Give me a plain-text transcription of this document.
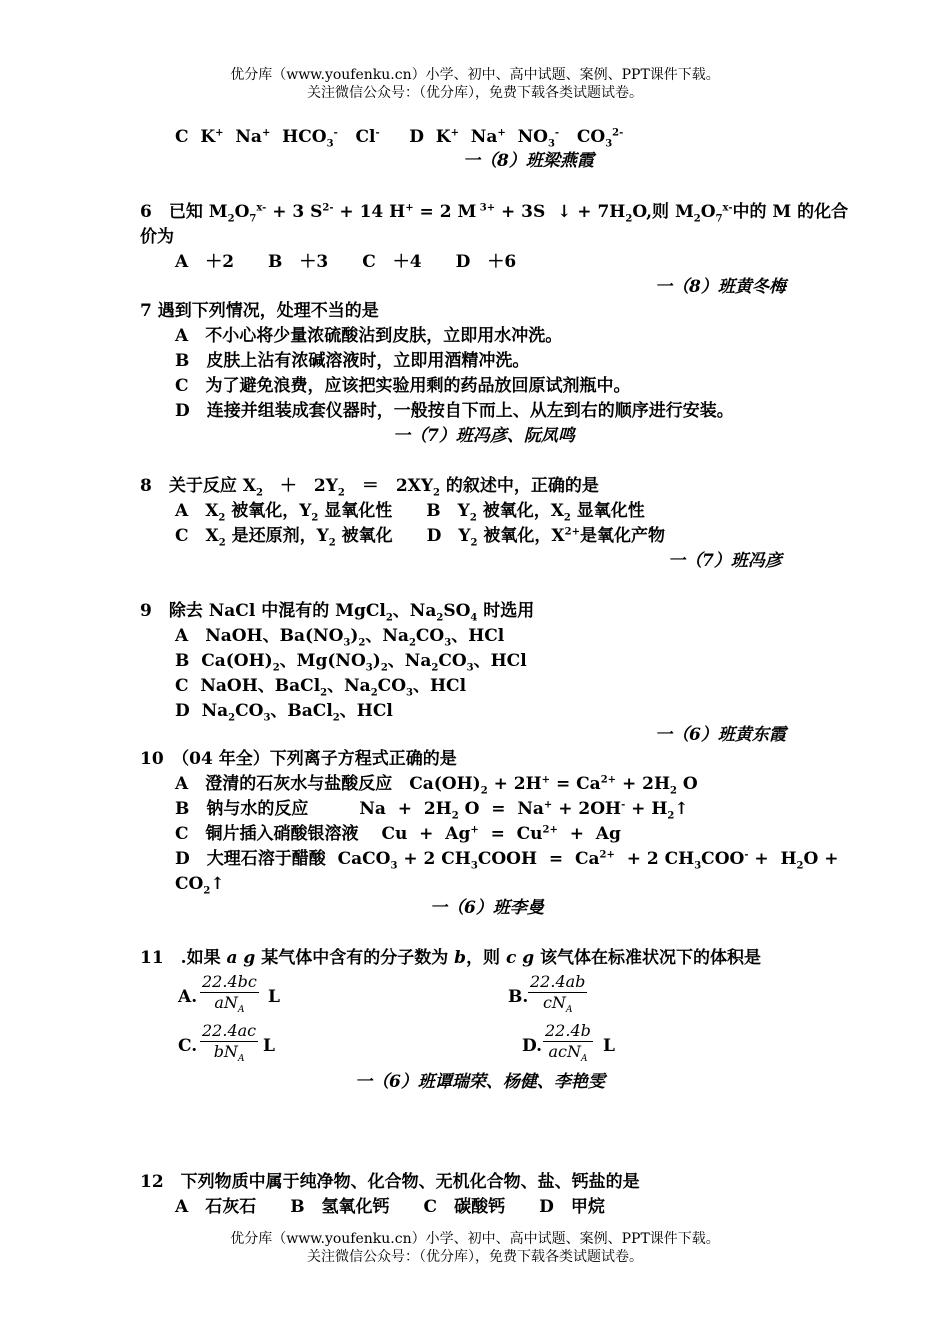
优分库（www.youfenku.cn）小学、初中、高中试题、案例、PPT课件下载。
关注微信公众号：（优分库），免费下载各类试题试卷。
C  K+  Na+  $HCO_3^-$   Cl-     D  K+  Na+  $NO_3^-$   $CO_3^{2-}$
一（8）班梁燕霞
6　已知 $M_2O_7^{x-} + 3$ $S^{2-} + 14$ H+ = 2 M $^{3+}$ + 3S  ↓ + $7H_2O$,则 $M_2O_7^{x-}$中的 M 的化合
价为
A　＋2　　B　＋3　　C　＋4　　D　＋6
一（8）班黄冬梅
7 遇到下列情况，处理不当的是
A　不小心将少量浓硫酸沾到皮肤，立即用水冲洗。
B　皮肤上沾有浓碱溶液时，立即用酒精冲洗。
C　为了避免浪费，应该把实验用剩的药品放回原试剂瓶中。
D　连接并组装成套仪器时，一般按自下而上、从左到右的顺序进行安装。
一（7）班冯彦、阮凤鸣
8　关于反应 $X_2$　＋　$2Y_2$　＝　$2XY_2$ 的叙述中，正确的是
A　$X_2$ 被氧化，$Y_2$ 显氧化性　　B　$Y_2$ 被氧化，$X_2$ 显氧化性
C　$X_2$ 是还原剂，$Y_2$ 被氧化　　D　$Y_2$ 被氧化，$X^{2+}$是氧化产物
一（7）班冯彦
9　除去 NaCl 中混有的 MgCl$_2$、$Na_2SO_4$ 时选用
A　NaOH、$Ba(NO_3)_2$、$Na_2CO_3$、HCl
B  $Ca(OH)_2$、$Mg(NO_3)_2$、$Na_2CO_3$、HCl
C  NaOH、BaCl$_2$、$Na_2CO_3$、HCl
D  $Na_2CO_3$、BaCl$_2$、HCl
一（6）班黄东霞
10　（04 年全）下列离子方程式正确的是
A　澄清的石灰水与盐酸反应　$Ca(OH)_2 + 2H^+ = Ca^{2+} + 2H_2$ O
B　钠与水的反应　　　$Na + 2H_2$ $O = Na^+ + 2OH^- + H_2↑$
C　铜片插入硝酸银溶液　 $Cu + Ag^+ = Cu^{2+} + Ag$
D　大理石溶于醋酸  CaCO$_3$ + 2 $CH_3COOH = Ca^{2+} + 2$ $CH_3COO^- + H_2O$ +
$CO_2↑$
一（6）班李曼
11　.如果 a g 某气体中含有的分子数为 b，则 c g 该气体在标准状况下的体积是
A.
22.4bc
$aN_A$
L	B.
22.4ab
$cN_A$
C.
22.4ac
$bN_A$
L	D.
22.4b
acN$_A$
L
一（6）班谭瑞荣、杨健、李艳雯
12　下列物质中属于纯净物、化合物、无机化合物、盐、钙盐的是
A　石灰石　　B　氢氧化钙　　C　碳酸钙　　D　甲烷
优分库（www.youfenku.cn）小学、初中、高中试题、案例、PPT课件下载。
关注微信公众号：（优分库），免费下载各类试题试卷。
